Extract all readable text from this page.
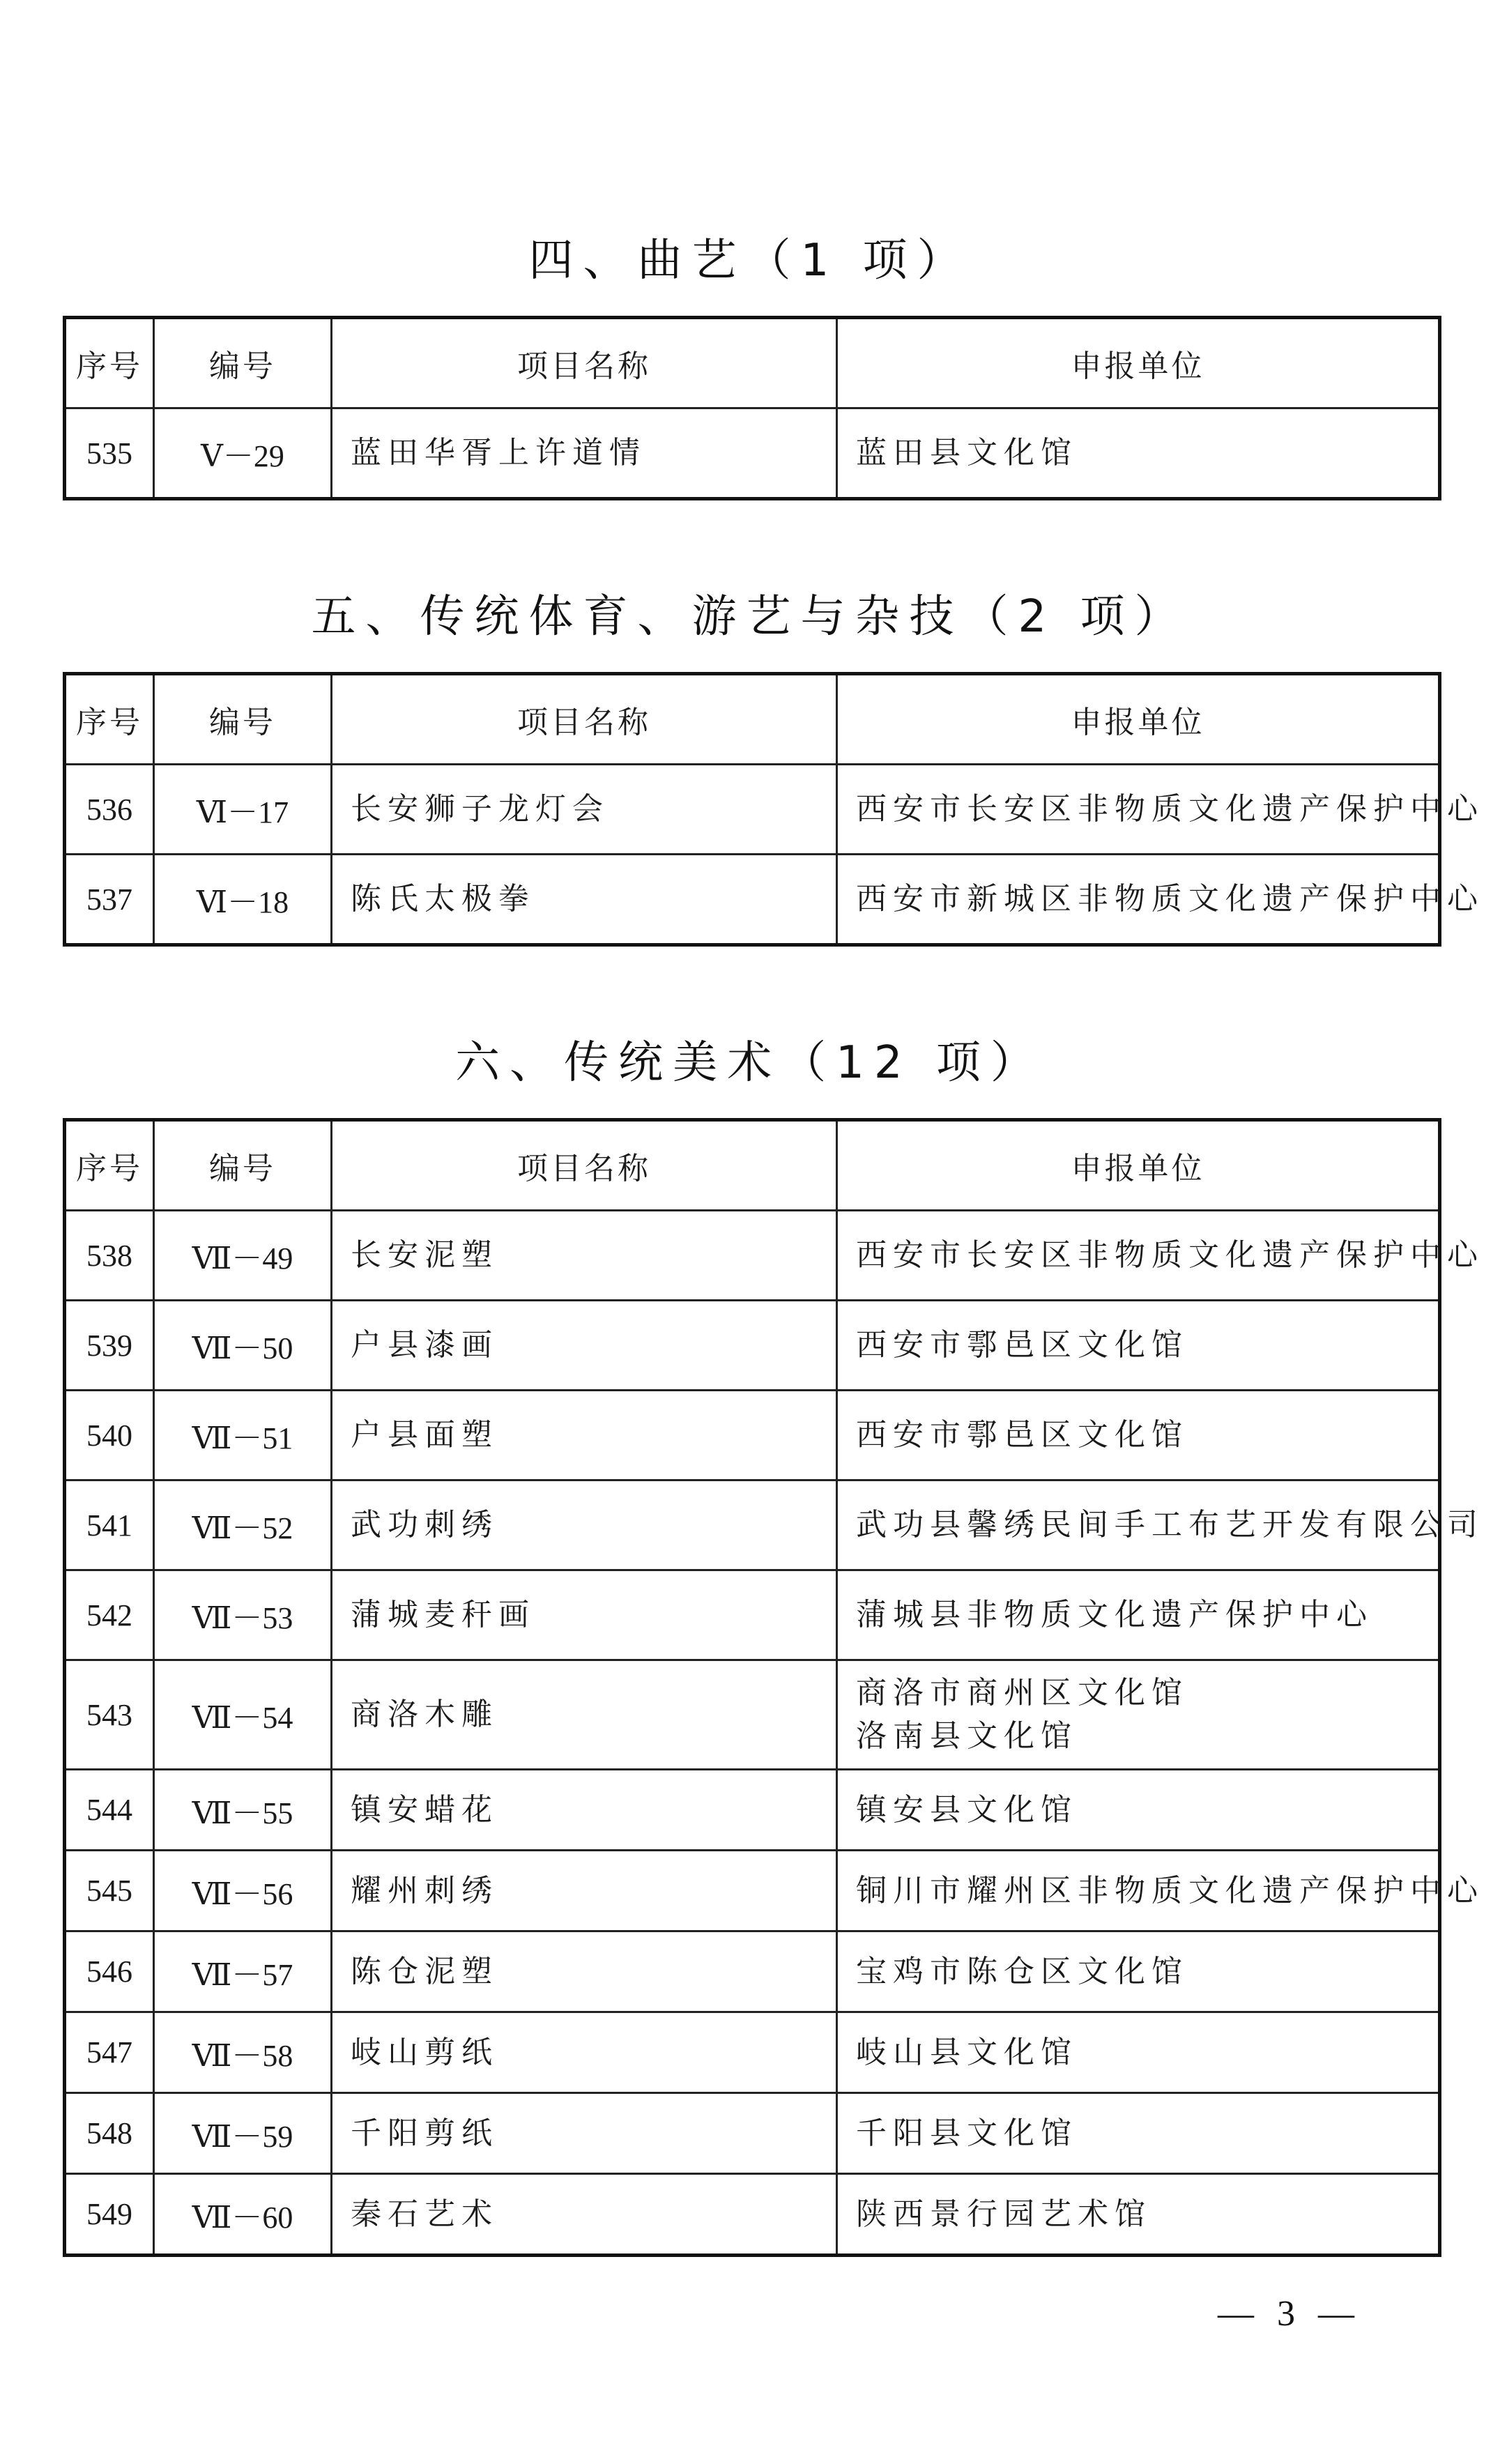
四、曲艺（1 项）
序号	编号	项目名称	申报单位
535	Ⅴ－29	蓝田华胥上许道情	蓝田县文化馆
五、传统体育、游艺与杂技（2 项）
序号	编号	项目名称	申报单位
536	Ⅵ－17	长安狮子龙灯会	西安市长安区非物质文化遗产保护中心

537	Ⅵ－18	陈氏太极拳	西安市新城区非物质文化遗产保护中心
六、传统美术（12 项）
序号	编号	项目名称	申报单位
538	Ⅶ－49	长安泥塑	西安市长安区非物质文化遗产保护中心

539	Ⅶ－50	户县漆画	西安市鄠邑区文化馆

540	Ⅶ－51	户县面塑	西安市鄠邑区文化馆

541	Ⅶ－52	武功刺绣	武功县馨绣民间手工布艺开发有限公司

542	Ⅶ－53	蒲城麦秆画	蒲城县非物质文化遗产保护中心

543	Ⅶ－54	商洛木雕	商洛市商州区文化馆
洛南县文化馆

544	Ⅶ－55	镇安蜡花	镇安县文化馆

545	Ⅶ－56	耀州刺绣	铜川市耀州区非物质文化遗产保护中心

546	Ⅶ－57	陈仓泥塑	宝鸡市陈仓区文化馆

547	Ⅶ－58	岐山剪纸	岐山县文化馆

548	Ⅶ－59	千阳剪纸	千阳县文化馆

549	Ⅶ－60	秦石艺术	陕西景行园艺术馆
— 3 —
